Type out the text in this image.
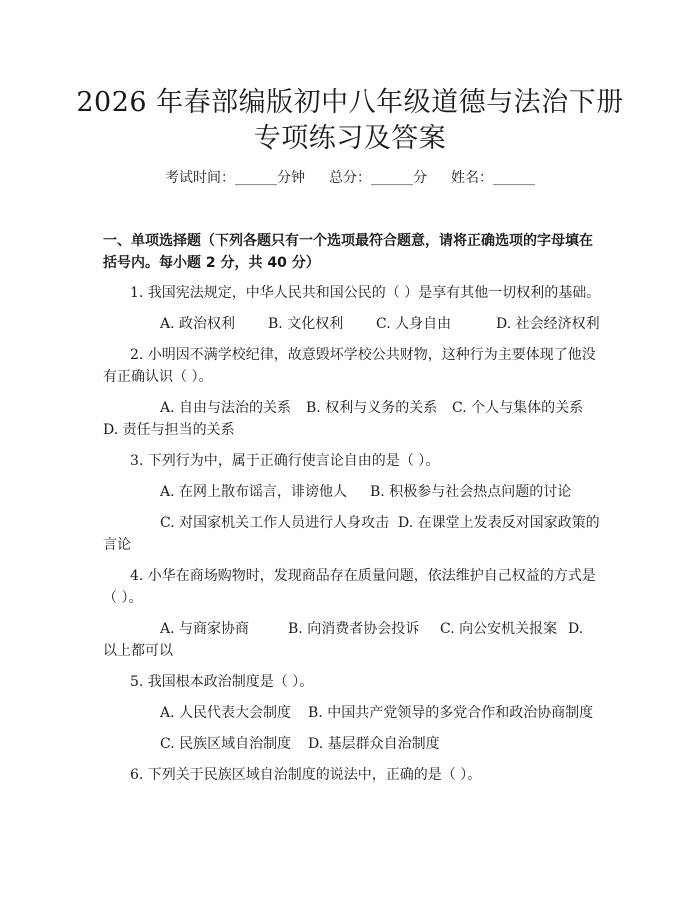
2026 年春部编版初中八年级道德与法治下册
专项练习及答案
考试时间：______分钟 总分：______分 姓名：______
一、单项选择题（下列各题只有一个选项最符合题意，请将正确选项的字母填在
括号内。每小题 2 分，共 40 分）
1. 我国宪法规定，中华人民共和国公民的（ ）是享有其他一切权利的基础。
A. 政治权利 B. 文化权利 C. 人身自由	D. 社会经济权利
2. 小明因不满学校纪律，故意毁坏学校公共财物，这种行为主要体现了他没
有正确认识（ ）。
A. 自由与法治的关系 B. 权利与义务的关系 C. 个人与集体的关系
D. 责任与担当的关系
3. 下列行为中，属于正确行使言论自由的是（ ）。
A. 在网上散布谣言，诽谤他人 B. 积极参与社会热点问题的讨论
C. 对国家机关工作人员进行人身攻击 D. 在课堂上发表反对国家政策的
言论
4. 小华在商场购物时，发现商品存在质量问题，依法维护自己权益的方式是
（ ）。
A. 与商家协商	B. 向消费者协会投诉 C. 向公安机关报案 D.
以上都可以
5. 我国根本政治制度是（ ）。
A. 人民代表大会制度 B. 中国共产党领导的多党合作和政治协商制度
C. 民族区域自治制度 D. 基层群众自治制度
6. 下列关于民族区域自治制度的说法中，正确的是（ ）。
